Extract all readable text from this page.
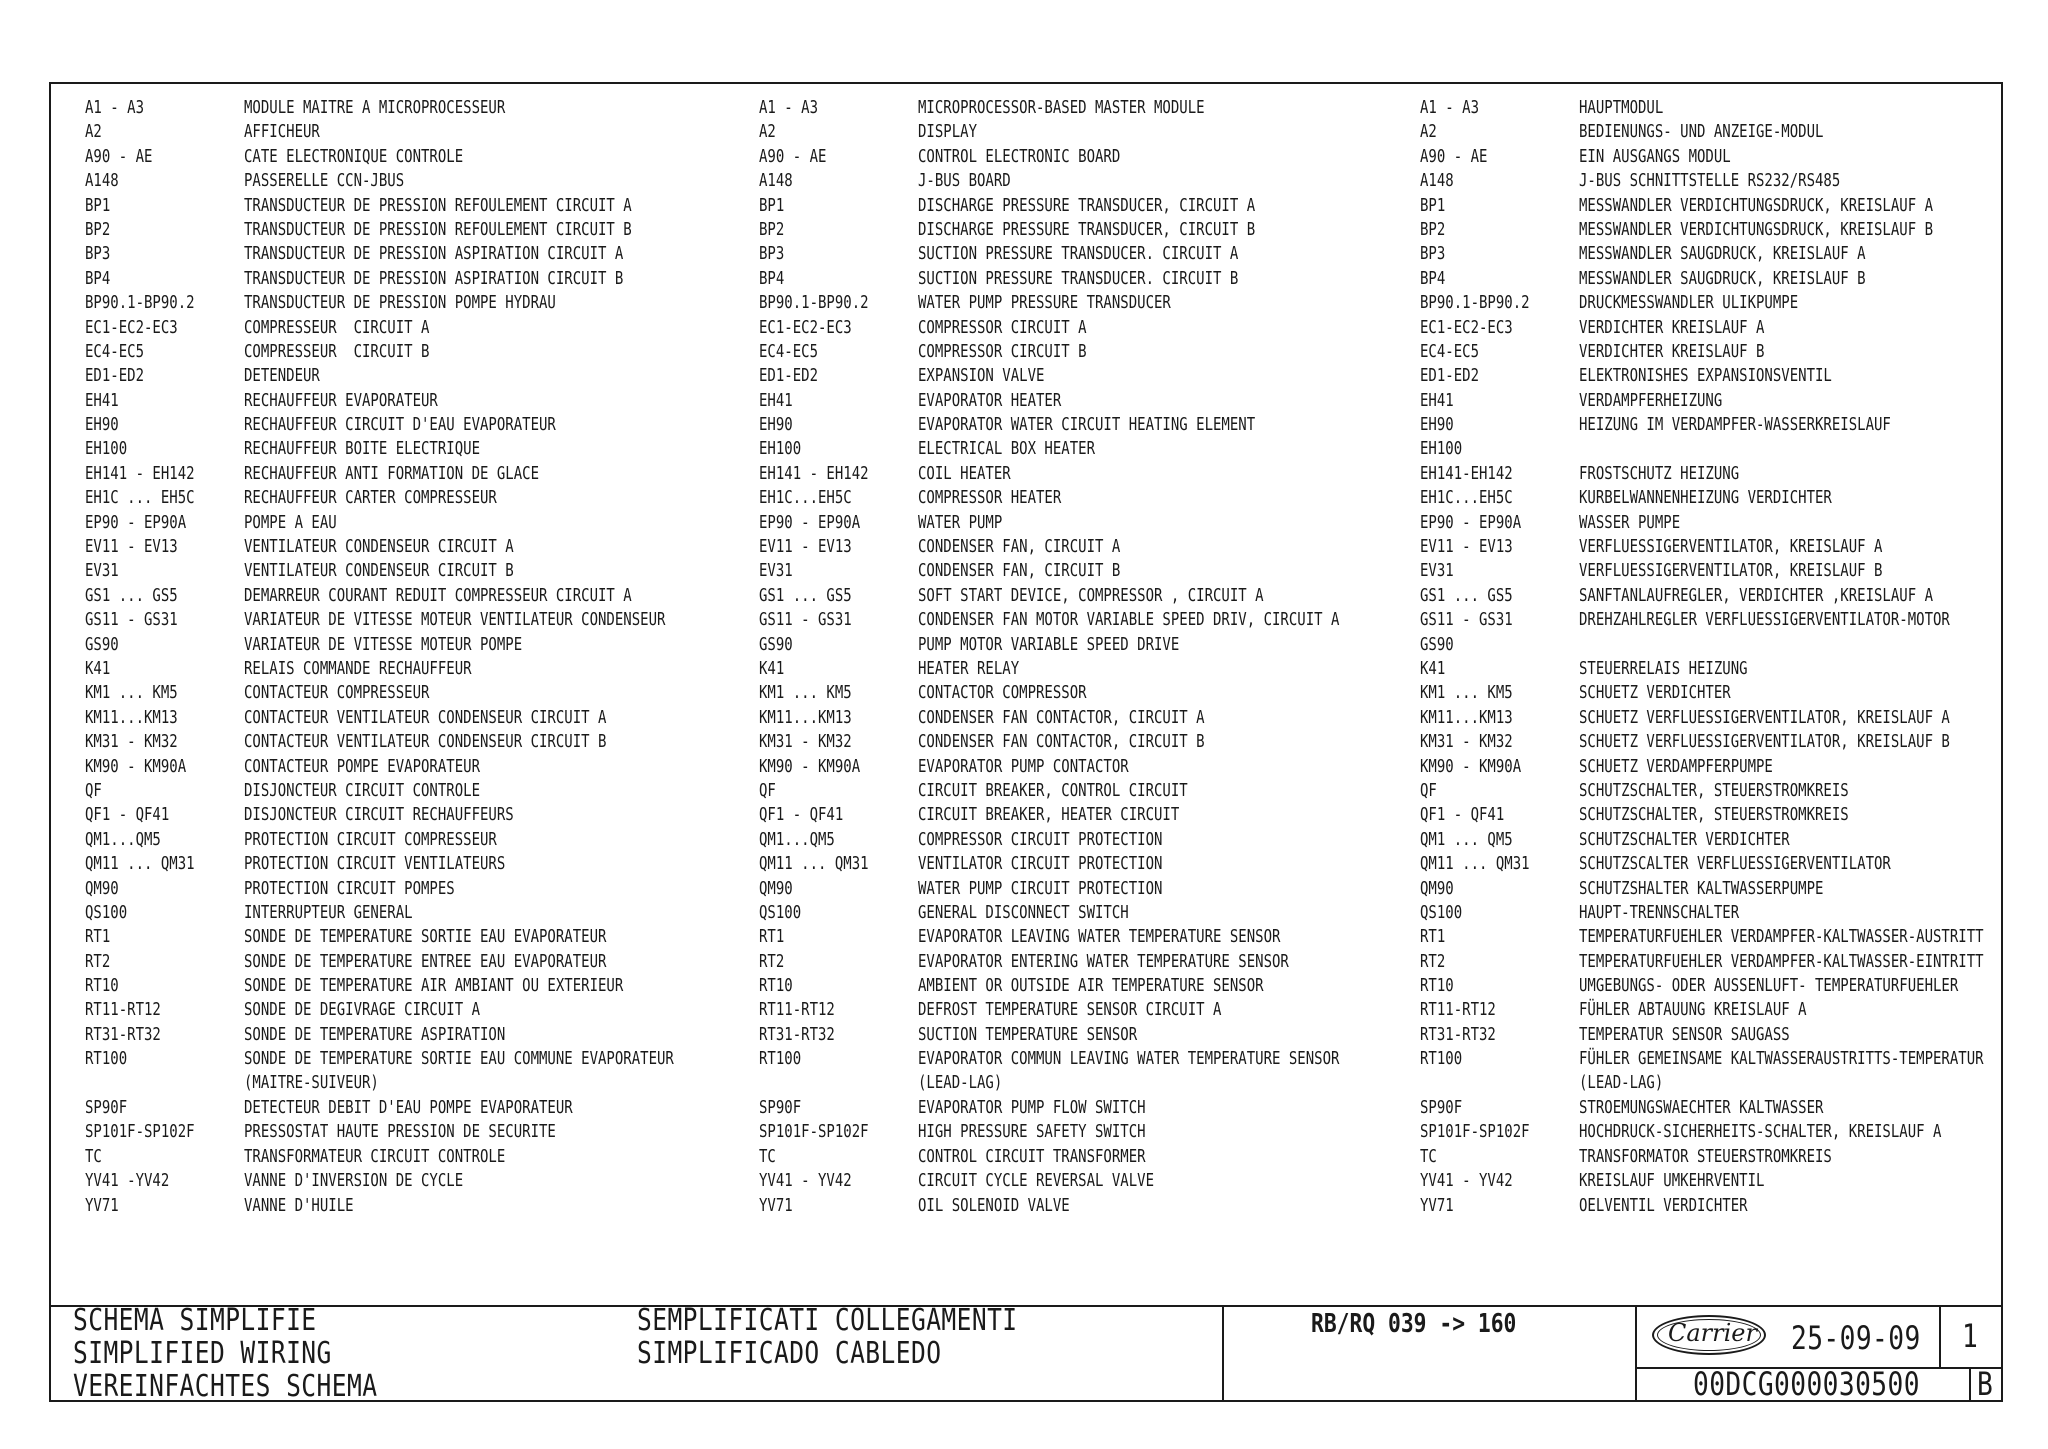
A1 - A3	MODULE MAITRE A MICROPROCESSEUR
A2	AFFICHEUR
A90 - AE	CATE ELECTRONIQUE CONTROLE
A148	PASSERELLE CCN-JBUS
BP1	TRANSDUCTEUR DE PRESSION REFOULEMENT CIRCUIT A
BP2	TRANSDUCTEUR DE PRESSION REFOULEMENT CIRCUIT B
BP3	TRANSDUCTEUR DE PRESSION ASPIRATION CIRCUIT A
BP4	TRANSDUCTEUR DE PRESSION ASPIRATION CIRCUIT B
BP90.1-BP90.2	TRANSDUCTEUR DE PRESSION POMPE HYDRAU
EC1-EC2-EC3	COMPRESSEUR  CIRCUIT A
EC4-EC5	COMPRESSEUR  CIRCUIT B
ED1-ED2	DETENDEUR
EH41	RECHAUFFEUR EVAPORATEUR
EH90	RECHAUFFEUR CIRCUIT D'EAU EVAPORATEUR
EH100	RECHAUFFEUR BOITE ELECTRIQUE
EH141 - EH142	RECHAUFFEUR ANTI FORMATION DE GLACE
EH1C ... EH5C	RECHAUFFEUR CARTER COMPRESSEUR
EP90 - EP90A	POMPE A EAU
EV11 - EV13	VENTILATEUR CONDENSEUR CIRCUIT A
EV31	VENTILATEUR CONDENSEUR CIRCUIT B
GS1 ... GS5	DEMARREUR COURANT REDUIT COMPRESSEUR CIRCUIT A
GS11 - GS31	VARIATEUR DE VITESSE MOTEUR VENTILATEUR CONDENSEUR
GS90	VARIATEUR DE VITESSE MOTEUR POMPE
K41	RELAIS COMMANDE RECHAUFFEUR
KM1 ... KM5	CONTACTEUR COMPRESSEUR
KM11...KM13	CONTACTEUR VENTILATEUR CONDENSEUR CIRCUIT A
KM31 - KM32	CONTACTEUR VENTILATEUR CONDENSEUR CIRCUIT B
KM90 - KM90A	CONTACTEUR POMPE EVAPORATEUR
QF	DISJONCTEUR CIRCUIT CONTROLE
QF1 - QF41	DISJONCTEUR CIRCUIT RECHAUFFEURS
QM1...QM5	PROTECTION CIRCUIT COMPRESSEUR
QM11 ... QM31	PROTECTION CIRCUIT VENTILATEURS
QM90	PROTECTION CIRCUIT POMPES
QS100	INTERRUPTEUR GENERAL
RT1	SONDE DE TEMPERATURE SORTIE EAU EVAPORATEUR
RT2	SONDE DE TEMPERATURE ENTREE EAU EVAPORATEUR
RT10	SONDE DE TEMPERATURE AIR AMBIANT OU EXTERIEUR
RT11-RT12	SONDE DE DEGIVRAGE CIRCUIT A
RT31-RT32	SONDE DE TEMPERATURE ASPIRATION
RT100	SONDE DE TEMPERATURE SORTIE EAU COMMUNE EVAPORATEUR
(MAITRE-SUIVEUR)
SP90F	DETECTEUR DEBIT D'EAU POMPE EVAPORATEUR
SP101F-SP102F	PRESSOSTAT HAUTE PRESSION DE SECURITE
TC	TRANSFORMATEUR CIRCUIT CONTROLE
YV41 -YV42	VANNE D'INVERSION DE CYCLE
YV71	VANNE D'HUILE
A1 - A3	MICROPROCESSOR-BASED MASTER MODULE
A2	DISPLAY
A90 - AE	CONTROL ELECTRONIC BOARD
A148	J-BUS BOARD
BP1	DISCHARGE PRESSURE TRANSDUCER, CIRCUIT A
BP2	DISCHARGE PRESSURE TRANSDUCER, CIRCUIT B
BP3	SUCTION PRESSURE TRANSDUCER. CIRCUIT A
BP4	SUCTION PRESSURE TRANSDUCER. CIRCUIT B
BP90.1-BP90.2	WATER PUMP PRESSURE TRANSDUCER
EC1-EC2-EC3	COMPRESSOR CIRCUIT A
EC4-EC5	COMPRESSOR CIRCUIT B
ED1-ED2	EXPANSION VALVE
EH41	EVAPORATOR HEATER
EH90	EVAPORATOR WATER CIRCUIT HEATING ELEMENT
EH100	ELECTRICAL BOX HEATER
EH141 - EH142	COIL HEATER
EH1C...EH5C	COMPRESSOR HEATER
EP90 - EP90A	WATER PUMP
EV11 - EV13	CONDENSER FAN, CIRCUIT A
EV31	CONDENSER FAN, CIRCUIT B
GS1 ... GS5	SOFT START DEVICE, COMPRESSOR , CIRCUIT A
GS11 - GS31	CONDENSER FAN MOTOR VARIABLE SPEED DRIV, CIRCUIT A
GS90	PUMP MOTOR VARIABLE SPEED DRIVE
K41	HEATER RELAY
KM1 ... KM5	CONTACTOR COMPRESSOR
KM11...KM13	CONDENSER FAN CONTACTOR, CIRCUIT A
KM31 - KM32	CONDENSER FAN CONTACTOR, CIRCUIT B
KM90 - KM90A	EVAPORATOR PUMP CONTACTOR
QF	CIRCUIT BREAKER, CONTROL CIRCUIT
QF1 - QF41	CIRCUIT BREAKER, HEATER CIRCUIT
QM1...QM5	COMPRESSOR CIRCUIT PROTECTION
QM11 ... QM31	VENTILATOR CIRCUIT PROTECTION
QM90	WATER PUMP CIRCUIT PROTECTION
QS100	GENERAL DISCONNECT SWITCH
RT1	EVAPORATOR LEAVING WATER TEMPERATURE SENSOR
RT2	EVAPORATOR ENTERING WATER TEMPERATURE SENSOR
RT10	AMBIENT OR OUTSIDE AIR TEMPERATURE SENSOR
RT11-RT12	DEFROST TEMPERATURE SENSOR CIRCUIT A
RT31-RT32	SUCTION TEMPERATURE SENSOR
RT100	EVAPORATOR COMMUN LEAVING WATER TEMPERATURE SENSOR
(LEAD-LAG)
SP90F	EVAPORATOR PUMP FLOW SWITCH
SP101F-SP102F	HIGH PRESSURE SAFETY SWITCH
TC	CONTROL CIRCUIT TRANSFORMER
YV41 - YV42	CIRCUIT CYCLE REVERSAL VALVE
YV71	OIL SOLENOID VALVE
A1 - A3	HAUPTMODUL
A2	BEDIENUNGS- UND ANZEIGE-MODUL
A90 - AE	EIN AUSGANGS MODUL
A148	J-BUS SCHNITTSTELLE RS232/RS485
BP1	MESSWANDLER VERDICHTUNGSDRUCK, KREISLAUF A
BP2	MESSWANDLER VERDICHTUNGSDRUCK, KREISLAUF B
BP3	MESSWANDLER SAUGDRUCK, KREISLAUF A
BP4	MESSWANDLER SAUGDRUCK, KREISLAUF B
BP90.1-BP90.2	DRUCKMESSWANDLER ULIKPUMPE
EC1-EC2-EC3	VERDICHTER KREISLAUF A
EC4-EC5	VERDICHTER KREISLAUF B
ED1-ED2	ELEKTRONISHES EXPANSIONSVENTIL
EH41	VERDAMPFERHEIZUNG
EH90	HEIZUNG IM VERDAMPFER-WASSERKREISLAUF
EH100
EH141-EH142	FROSTSCHUTZ HEIZUNG
EH1C...EH5C	KURBELWANNENHEIZUNG VERDICHTER
EP90 - EP90A	WASSER PUMPE
EV11 - EV13	VERFLUESSIGERVENTILATOR, KREISLAUF A
EV31	VERFLUESSIGERVENTILATOR, KREISLAUF B
GS1 ... GS5	SANFTANLAUFREGLER, VERDICHTER ,KREISLAUF A
GS11 - GS31	DREHZAHLREGLER VERFLUESSIGERVENTILATOR-MOTOR
GS90
K41	STEUERRELAIS HEIZUNG
KM1 ... KM5	SCHUETZ VERDICHTER
KM11...KM13	SCHUETZ VERFLUESSIGERVENTILATOR, KREISLAUF A
KM31 - KM32	SCHUETZ VERFLUESSIGERVENTILATOR, KREISLAUF B
KM90 - KM90A	SCHUETZ VERDAMPFERPUMPE
QF	SCHUTZSCHALTER, STEUERSTROMKREIS
QF1 - QF41	SCHUTZSCHALTER, STEUERSTROMKREIS
QM1 ... QM5	SCHUTZSCHALTER VERDICHTER
QM11 ... QM31	SCHUTZSCALTER VERFLUESSIGERVENTILATOR
QM90	SCHUTZSHALTER KALTWASSERPUMPE
QS100	HAUPT-TRENNSCHALTER
RT1	TEMPERATURFUEHLER VERDAMPFER-KALTWASSER-AUSTRITT
RT2	TEMPERATURFUEHLER VERDAMPFER-KALTWASSER-EINTRITT
RT10	UMGEBUNGS- ODER AUSSENLUFT- TEMPERATURFUEHLER
RT11-RT12	FÜHLER ABTAUUNG KREISLAUF A
RT31-RT32	TEMPERATUR SENSOR SAUGASS
RT100	FÜHLER GEMEINSAME KALTWASSERAUSTRITTS-TEMPERATUR
(LEAD-LAG)
SP90F	STROEMUNGSWAECHTER KALTWASSER
SP101F-SP102F	HOCHDRUCK-SICHERHEITS-SCHALTER, KREISLAUF A
TC	TRANSFORMATOR STEUERSTROMKREIS
YV41 - YV42	KREISLAUF UMKEHRVENTIL
YV71	OELVENTIL VERDICHTER
SCHEMA SIMPLIFIE
SIMPLIFIED WIRING
VEREINFACHTES SCHEMA
SEMPLIFICATI COLLEGAMENTI
SIMPLIFICADO CABLEDO
RB/RQ 039 -> 160	25-09-09 1
00DCG000030500 B
Carrier
